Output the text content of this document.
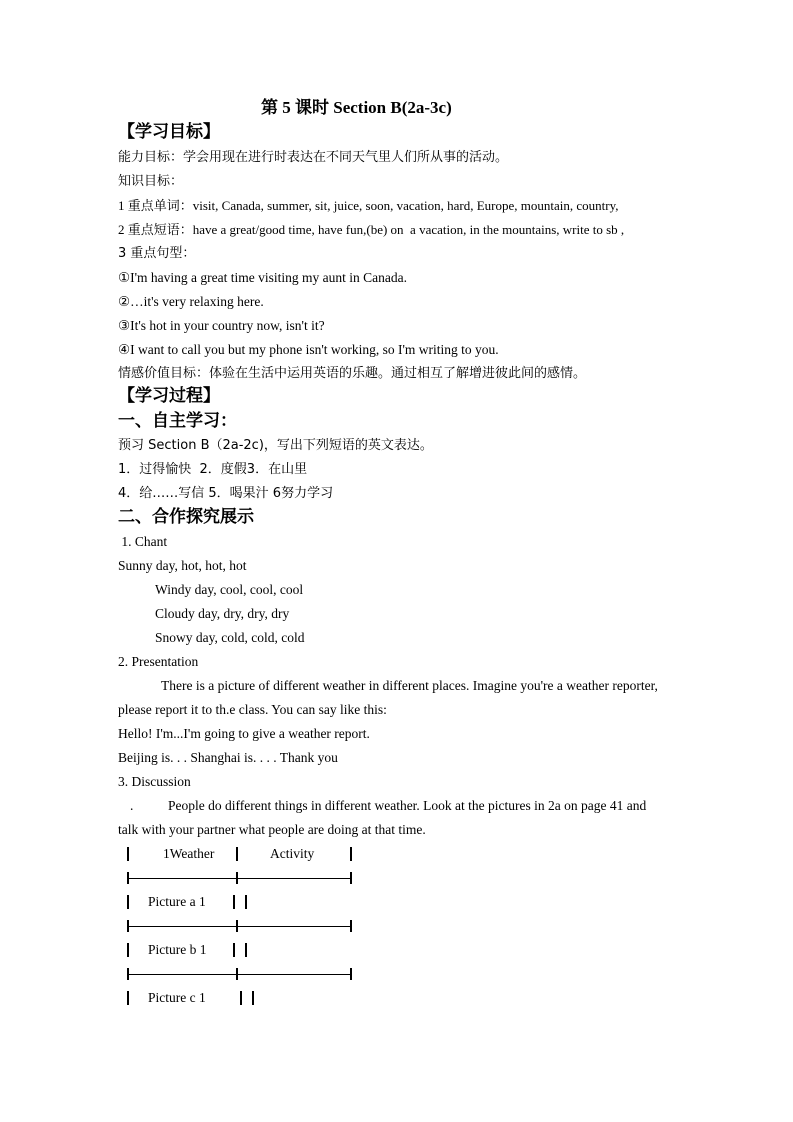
第 5 课时 Section B(2a-3c)
【学习目标】
能力目标：学会用现在进行时表达在不同天气里人们所从事的活动。
知识目标：
1 重点单词：visit, Canada, summer, sit, juice, soon, vacation, hard, Europe, mountain, country,
2 重点短语：have a great/good time, have fun,(be) on  a vacation, in the mountains, write to sb ,
3 重点句型：
①I'm having a great time visiting my aunt in Canada.
②…it's very relaxing here.
③It's hot in your country now, isn't it?
④I want to call you but my phone isn't working, so I'm writing to you.
情感价值目标：体验在生活中运用英语的乐趣。通过相互了解增进彼此间的感情。
【学习过程】
一、自主学习：
预习 Section B（2a-2c)，写出下列短语的英文表达。
1．过得愉快  2．度假3．在山里
4．给……写信 5．喝果汁 6努力学习
二、合作探究展示
1. Chant
Sunny day, hot, hot, hot
Windy day, cool, cool, cool
Cloudy day, dry, dry, dry
Snowy day, cold, cold, cold
2. Presentation
There is a picture of different weather in different places. Imagine you're a weather reporter,
please report it to th.e class. You can say like this:
Hello! I'm...I'm going to give a weather report.
Beijing is. . . Shanghai is. . . . Thank you
3. Discussion
.	People do different things in different weather. Look at the pictures in 2a on page 41 and
talk with your partner what people are doing at that time.
1Weather	Activity
Picture a 1
Picture b 1
Picture c 1
